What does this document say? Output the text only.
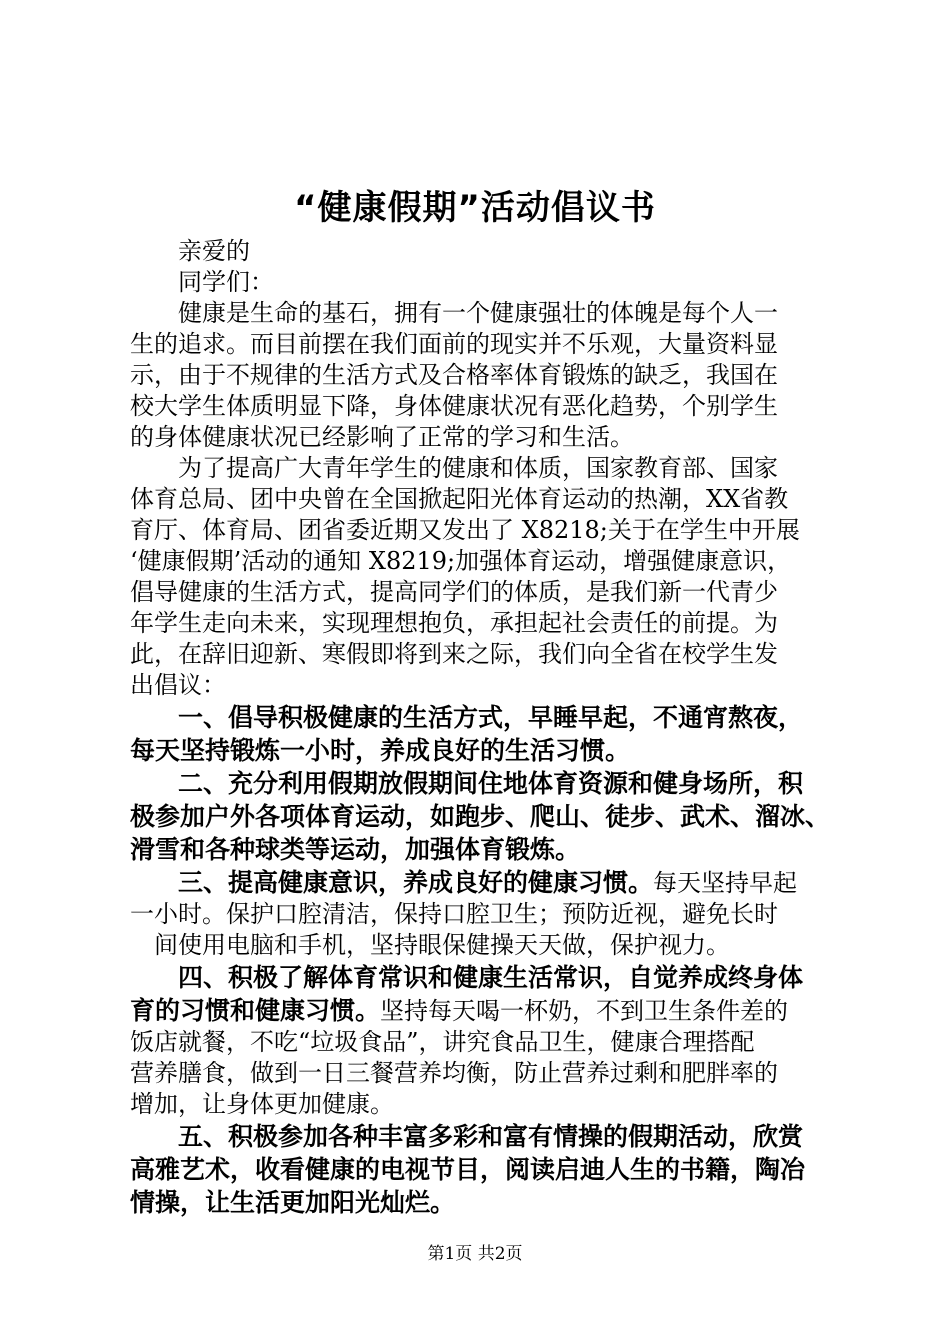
“健康假期”活动倡议书
亲爱的
同学们：
健康是生命的基石，拥有一个健康强壮的体魄是每个人一
生的追求。而目前摆在我们面前的现实并不乐观，大量资料显
示，由于不规律的生活方式及合格率体育锻炼的缺乏，我国在
校大学生体质明显下降，身体健康状况有恶化趋势，个别学生
的身体健康状况已经影响了正常的学习和生活。
为了提高广大青年学生的健康和体质，国家教育部、国家
体育总局、团中央曾在全国掀起阳光体育运动的热潮，XX省教
育厅、体育局、团省委近期又发出了 X8218;关于在学生中开展
‘健康假期’活动的通知 X8219;加强体育运动，增强健康意识，
倡导健康的生活方式，提高同学们的体质，是我们新一代青少
年学生走向未来，实现理想抱负，承担起社会责任的前提。为
此，在辞旧迎新、寒假即将到来之际，我们向全省在校学生发
出倡议：
一、倡导积极健康的生活方式，早睡早起，不通宵熬夜，
每天坚持锻炼一小时，养成良好的生活习惯。
二、充分利用假期放假期间住地体育资源和健身场所，积
极参加户外各项体育运动，如跑步、爬山、徒步、武术、溜冰、
滑雪和各种球类等运动，加强体育锻炼。
三、提高健康意识，养成良好的健康习惯。每天坚持早起
一小时。保护口腔清洁，保持口腔卫生；预防近视，避免长时
间使用电脑和手机，坚持眼保健操天天做，保护视力。
四、积极了解体育常识和健康生活常识，自觉养成终身体
育的习惯和健康习惯。坚持每天喝一杯奶，不到卫生条件差的
饭店就餐，不吃“垃圾食品”，讲究食品卫生，健康合理搭配
营养膳食，做到一日三餐营养均衡，防止营养过剩和肥胖率的
增加，让身体更加健康。
五、积极参加各种丰富多彩和富有情操的假期活动，欣赏
高雅艺术，收看健康的电视节目，阅读启迪人生的书籍，陶冶
情操，让生活更加阳光灿烂。
第1页 共2页
